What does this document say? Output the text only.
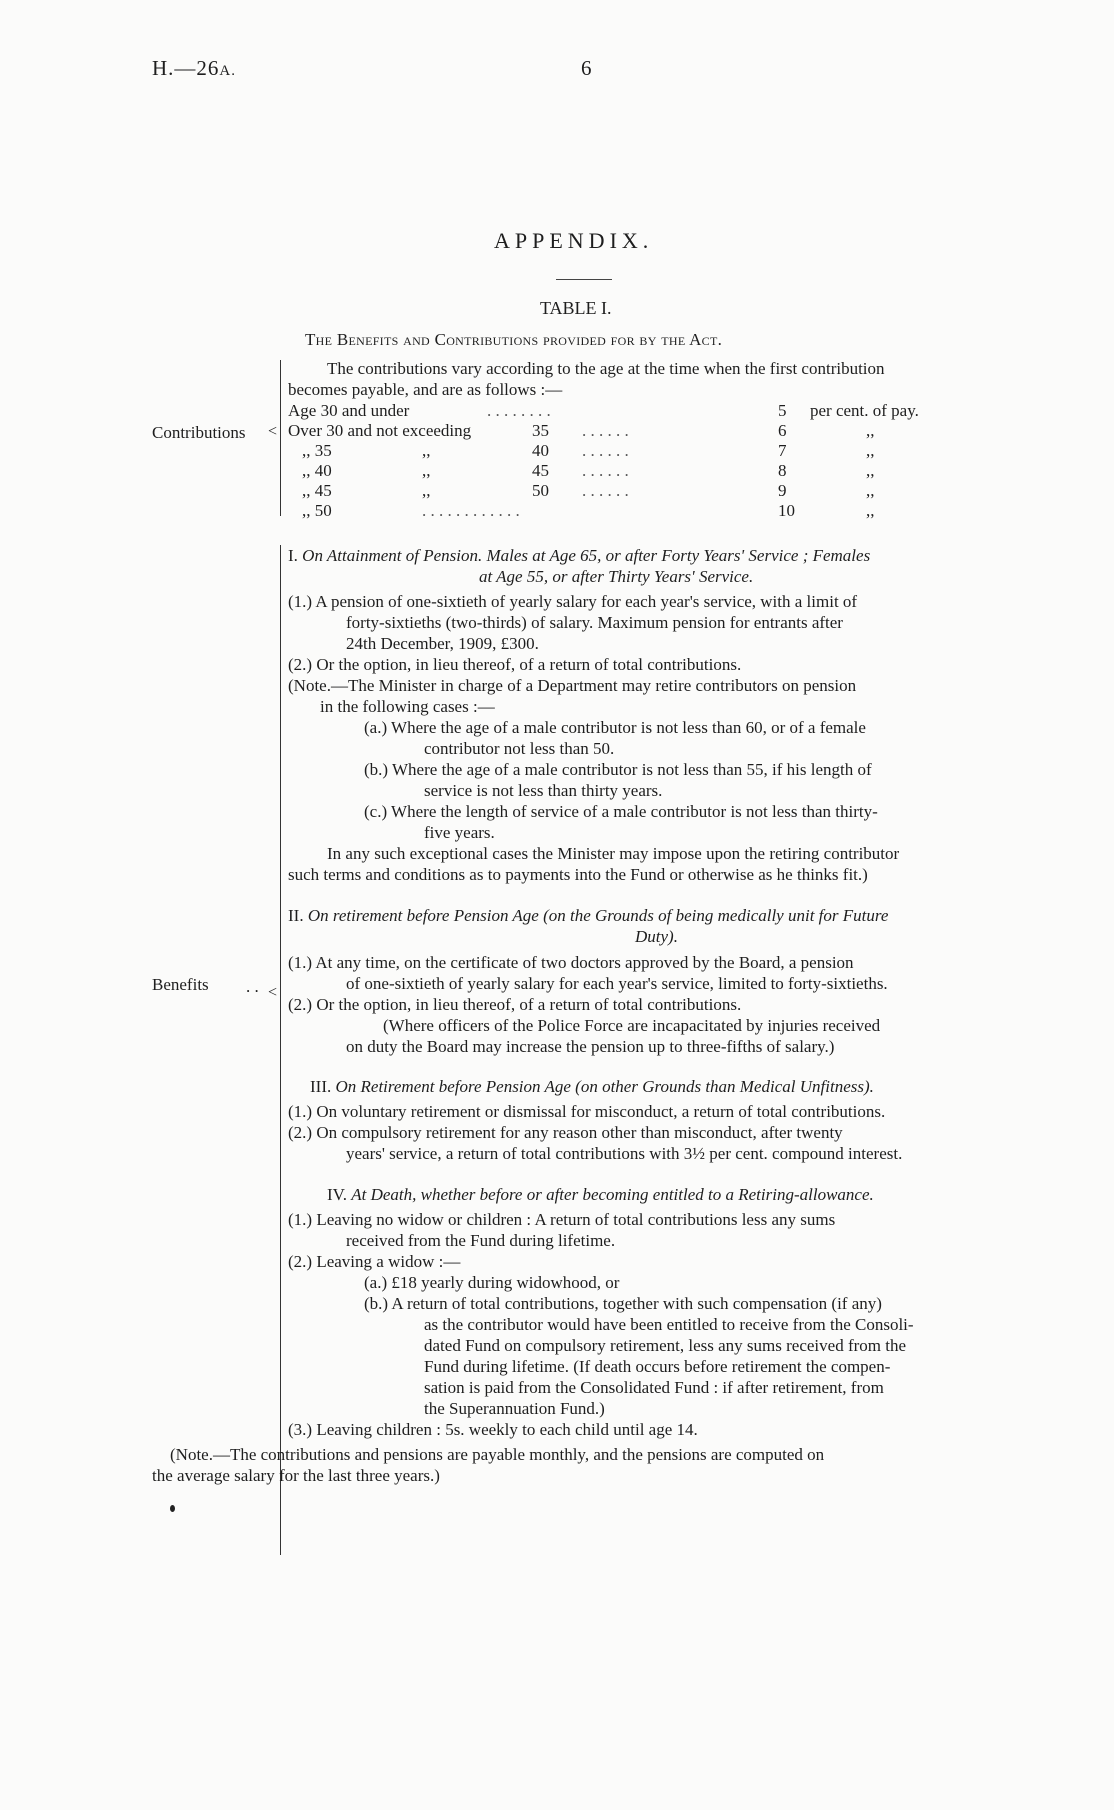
H.—26A.	6
APPENDIX.
TABLE I.
The Benefits and Contributions provided for by the Act.
Contributions <
The contributions vary according to the age at the time when the first contribution
becomes payable, and are as follows :—
Age 30 and under	. . . . . . . .	5 per cent. of pay.
Over 30 and not exceeding	35 . . . . . .	6	,,
,, 35	,,	40 . . . . . .	7	,,
,, 40	,,	45 . . . . . .	8	,,
,, 45	,,	50 . . . . . .	9	,,
,, 50	. . . . . . . . . . . .	10	,,
Benefits . . <
I. On Attainment of Pension. Males at Age 65, or after Forty Years' Service ; Females
at Age 55, or after Thirty Years' Service.
(1.) A pension of one-sixtieth of yearly salary for each year's service, with a limit of
forty-sixtieths (two-thirds) of salary. Maximum pension for entrants after
24th December, 1909, £300.
(2.) Or the option, in lieu thereof, of a return of total contributions.
(Note.—The Minister in charge of a Department may retire contributors on pension
in the following cases :—
(a.) Where the age of a male contributor is not less than 60, or of a female
contributor not less than 50.
(b.) Where the age of a male contributor is not less than 55, if his length of
service is not less than thirty years.
(c.) Where the length of service of a male contributor is not less than thirty-
five years.
In any such exceptional cases the Minister may impose upon the retiring contributor
such terms and conditions as to payments into the Fund or otherwise as he thinks fit.)
II. On retirement before Pension Age (on the Grounds of being medically unit for Future
Duty).
(1.) At any time, on the certificate of two doctors approved by the Board, a pension
of one-sixtieth of yearly salary for each year's service, limited to forty-sixtieths.
(2.) Or the option, in lieu thereof, of a return of total contributions.
(Where officers of the Police Force are incapacitated by injuries received
on duty the Board may increase the pension up to three-fifths of salary.)
III. On Retirement before Pension Age (on other Grounds than Medical Unfitness).
(1.) On voluntary retirement or dismissal for misconduct, a return of total contributions.
(2.) On compulsory retirement for any reason other than misconduct, after twenty
years' service, a return of total contributions with 3½ per cent. compound interest.
IV. At Death, whether before or after becoming entitled to a Retiring-allowance.
(1.) Leaving no widow or children : A return of total contributions less any sums
received from the Fund during lifetime.
(2.) Leaving a widow :—
(a.) £18 yearly during widowhood, or
(b.) A return of total contributions, together with such compensation (if any)
as the contributor would have been entitled to receive from the Consoli-
dated Fund on compulsory retirement, less any sums received from the
Fund during lifetime. (If death occurs before retirement the compen-
sation is paid from the Consolidated Fund : if after retirement, from
the Superannuation Fund.)
(3.) Leaving children : 5s. weekly to each child until age 14.
(Note.—The contributions and pensions are payable monthly, and the pensions are computed on
the average salary for the last three years.)
